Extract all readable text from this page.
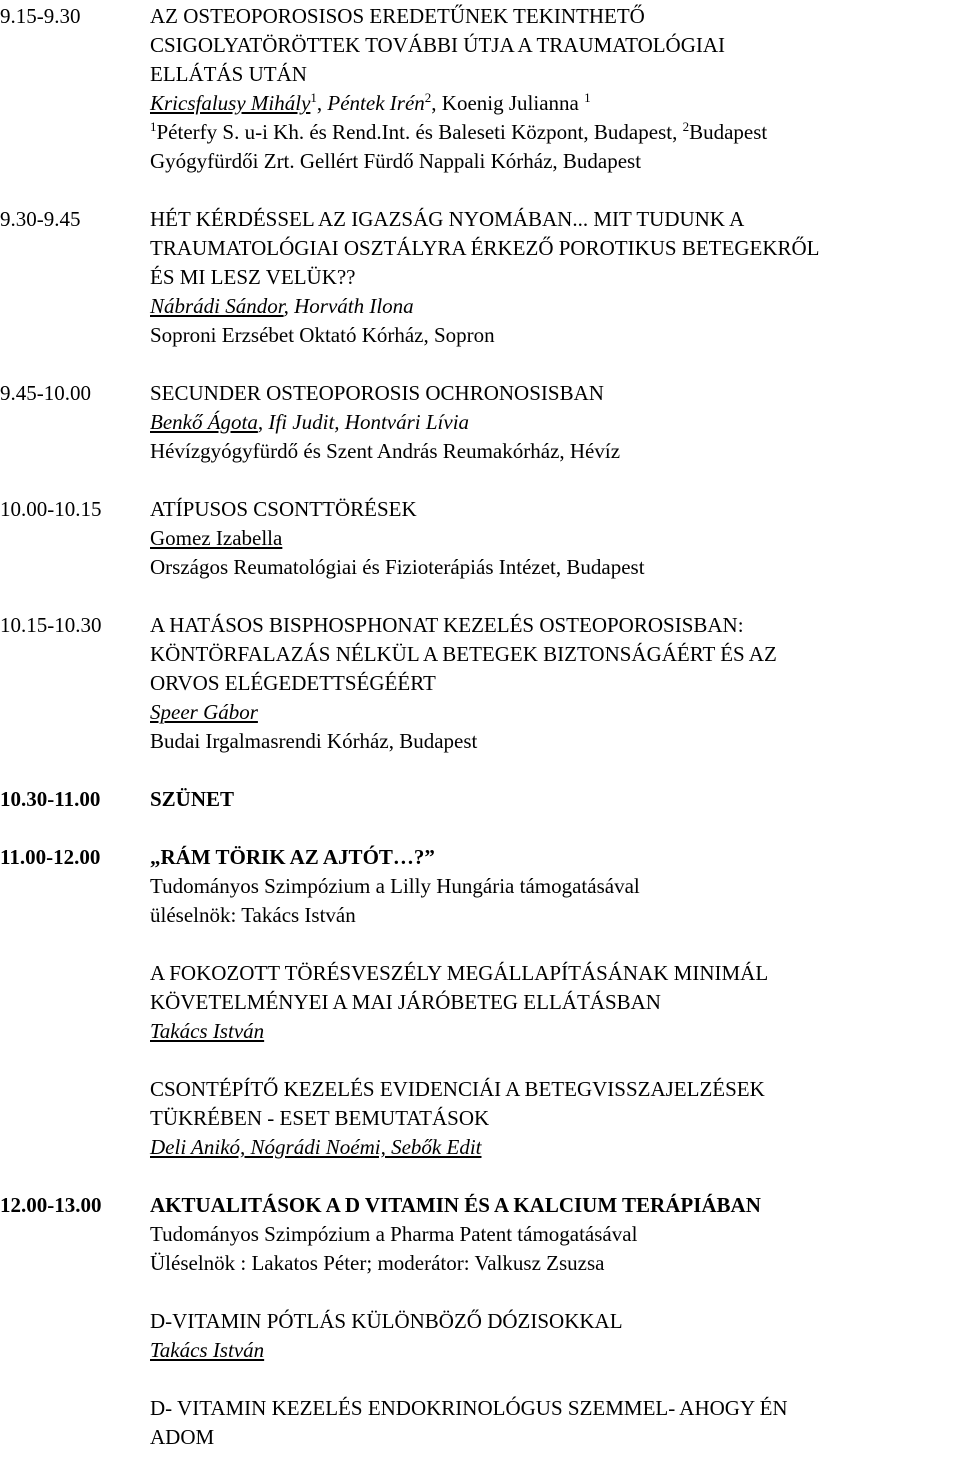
9.15-9.30	AZ OSTEOPOROSISOS EREDETŰNEK TEKINTHETŐ
CSIGOLYATÖRÖTTEK TOVÁBBI ÚTJA A TRAUMATOLÓGIAI
ELLÁTÁS UTÁN
Kricsfalusy Mihály$^1$, Péntek Irén$^2$, Koenig Julianna $^1$
$^1$Péterfy S. u-i Kh. és Rend.Int. és Baleseti Központ, Budapest, $^2$Budapest
Gyógyfürdői Zrt. Gellért Fürdő Nappali Kórház, Budapest
9.30-9.45	HÉT KÉRDÉSSEL AZ IGAZSÁG NYOMÁBAN... MIT TUDUNK A
TRAUMATOLÓGIAI OSZTÁLYRA ÉRKEZŐ POROTIKUS BETEGEKRŐL
ÉS MI LESZ VELÜK??
Nábrádi Sándor, Horváth Ilona
Soproni Erzsébet Oktató Kórház, Sopron
9.45-10.00	SECUNDER OSTEOPOROSIS OCHRONOSISBAN
Benkő Ágota, Ifi Judit, Hontvári Lívia
Hévízgyógyfürdő és Szent András Reumakórház, Hévíz
10.00-10.15	ATÍPUSOS CSONTTÖRÉSEK
Gomez Izabella
Országos Reumatológiai és Fizioterápiás Intézet, Budapest
10.15-10.30	A HATÁSOS BISPHOSPHONAT KEZELÉS OSTEOPOROSISBAN:
KÖNTÖRFALAZÁS NÉLKÜL A BETEGEK BIZTONSÁGÁÉRT ÉS AZ
ORVOS ELÉGEDETTSÉGÉÉRT
Speer Gábor
Budai Irgalmasrendi Kórház, Budapest
10.30-11.00	SZÜNET
11.00-12.00	„RÁM TÖRIK AZ AJTÓT…?”
Tudományos Szimpózium a Lilly Hungária támogatásával
üléselnök: Takács István
A FOKOZOTT TÖRÉSVESZÉLY MEGÁLLAPÍTÁSÁNAK MINIMÁL
KÖVETELMÉNYEI A MAI JÁRÓBETEG ELLÁTÁSBAN
Takács István
CSONTÉPÍTŐ KEZELÉS EVIDENCIÁI A BETEGVISSZAJELZÉSEK
TÜKRÉBEN - ESET BEMUTATÁSOK
Deli Anikó, Nógrádi Noémi, Sebők Edit
12.00-13.00	AKTUALITÁSOK A D VITAMIN ÉS A KALCIUM TERÁPIÁBAN
Tudományos Szimpózium a Pharma Patent támogatásával
Üléselnök : Lakatos Péter; moderátor: Valkusz Zsuzsa
D-VITAMIN PÓTLÁS KÜLÖNBÖZŐ DÓZISOKKAL
Takács István
D- VITAMIN KEZELÉS ENDOKRINOLÓGUS SZEMMEL- AHOGY ÉN
ADOM
